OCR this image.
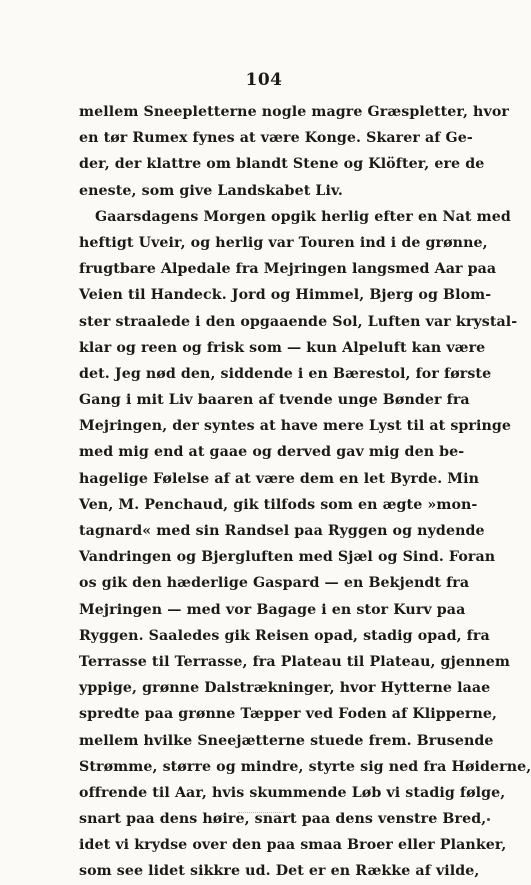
104
mellem Sneepletterne nogle magre Græspletter, hvor
en tør Rumex fynes at være Konge. Skarer af Ge-
der, der klattre om blandt Stene og Klöfter, ere de
eneste, som give Landskabet Liv.
Gaarsdagens Morgen opgik herlig efter en Nat med
heftigt Uveir, og herlig var Touren ind i de grønne,
frugtbare Alpedale fra Mejringen langsmed Aar paa
Veien til Handeck. Jord og Himmel, Bjerg og Blom-
ster straalede i den opgaaende Sol, Luften var krystal-
klar og reen og frisk som — kun Alpeluft kan være
det. Jeg nød den, siddende i en Bærestol, for første
Gang i mit Liv baaren af tvende unge Bønder fra
Mejringen, der syntes at have mere Lyst til at springe
med mig end at gaae og derved gav mig den be-
hagelige Følelse af at være dem en let Byrde. Min
Ven, M. Penchaud, gik tilfods som en ægte »mon-
tagnard« med sin Randsel paa Ryggen og nydende
Vandringen og Bjergluften med Sjæl og Sind. Foran
os gik den hæderlige Gaspard — en Bekjendt fra
Mejringen — med vor Bagage i en stor Kurv paa
Ryggen. Saaledes gik Reisen opad, stadig opad, fra
Terrasse til Terrasse, fra Plateau til Plateau, gjennem
yppige, grønne Dalstrækninger, hvor Hytterne laae
spredte paa grønne Tæpper ved Foden af Klipperne,
mellem hvilke Sneejætterne stuede frem. Brusende
Strømme, større og mindre, styrte sig ned fra Høiderne,
offrende til Aar, hvis skummende Løb vi stadig følge,
snart paa dens høire, snart paa dens venstre Bred,
idet vi krydse over den paa smaa Broer eller Planker,
som see lidet sikkre ud. Det er en Række af vilde,
